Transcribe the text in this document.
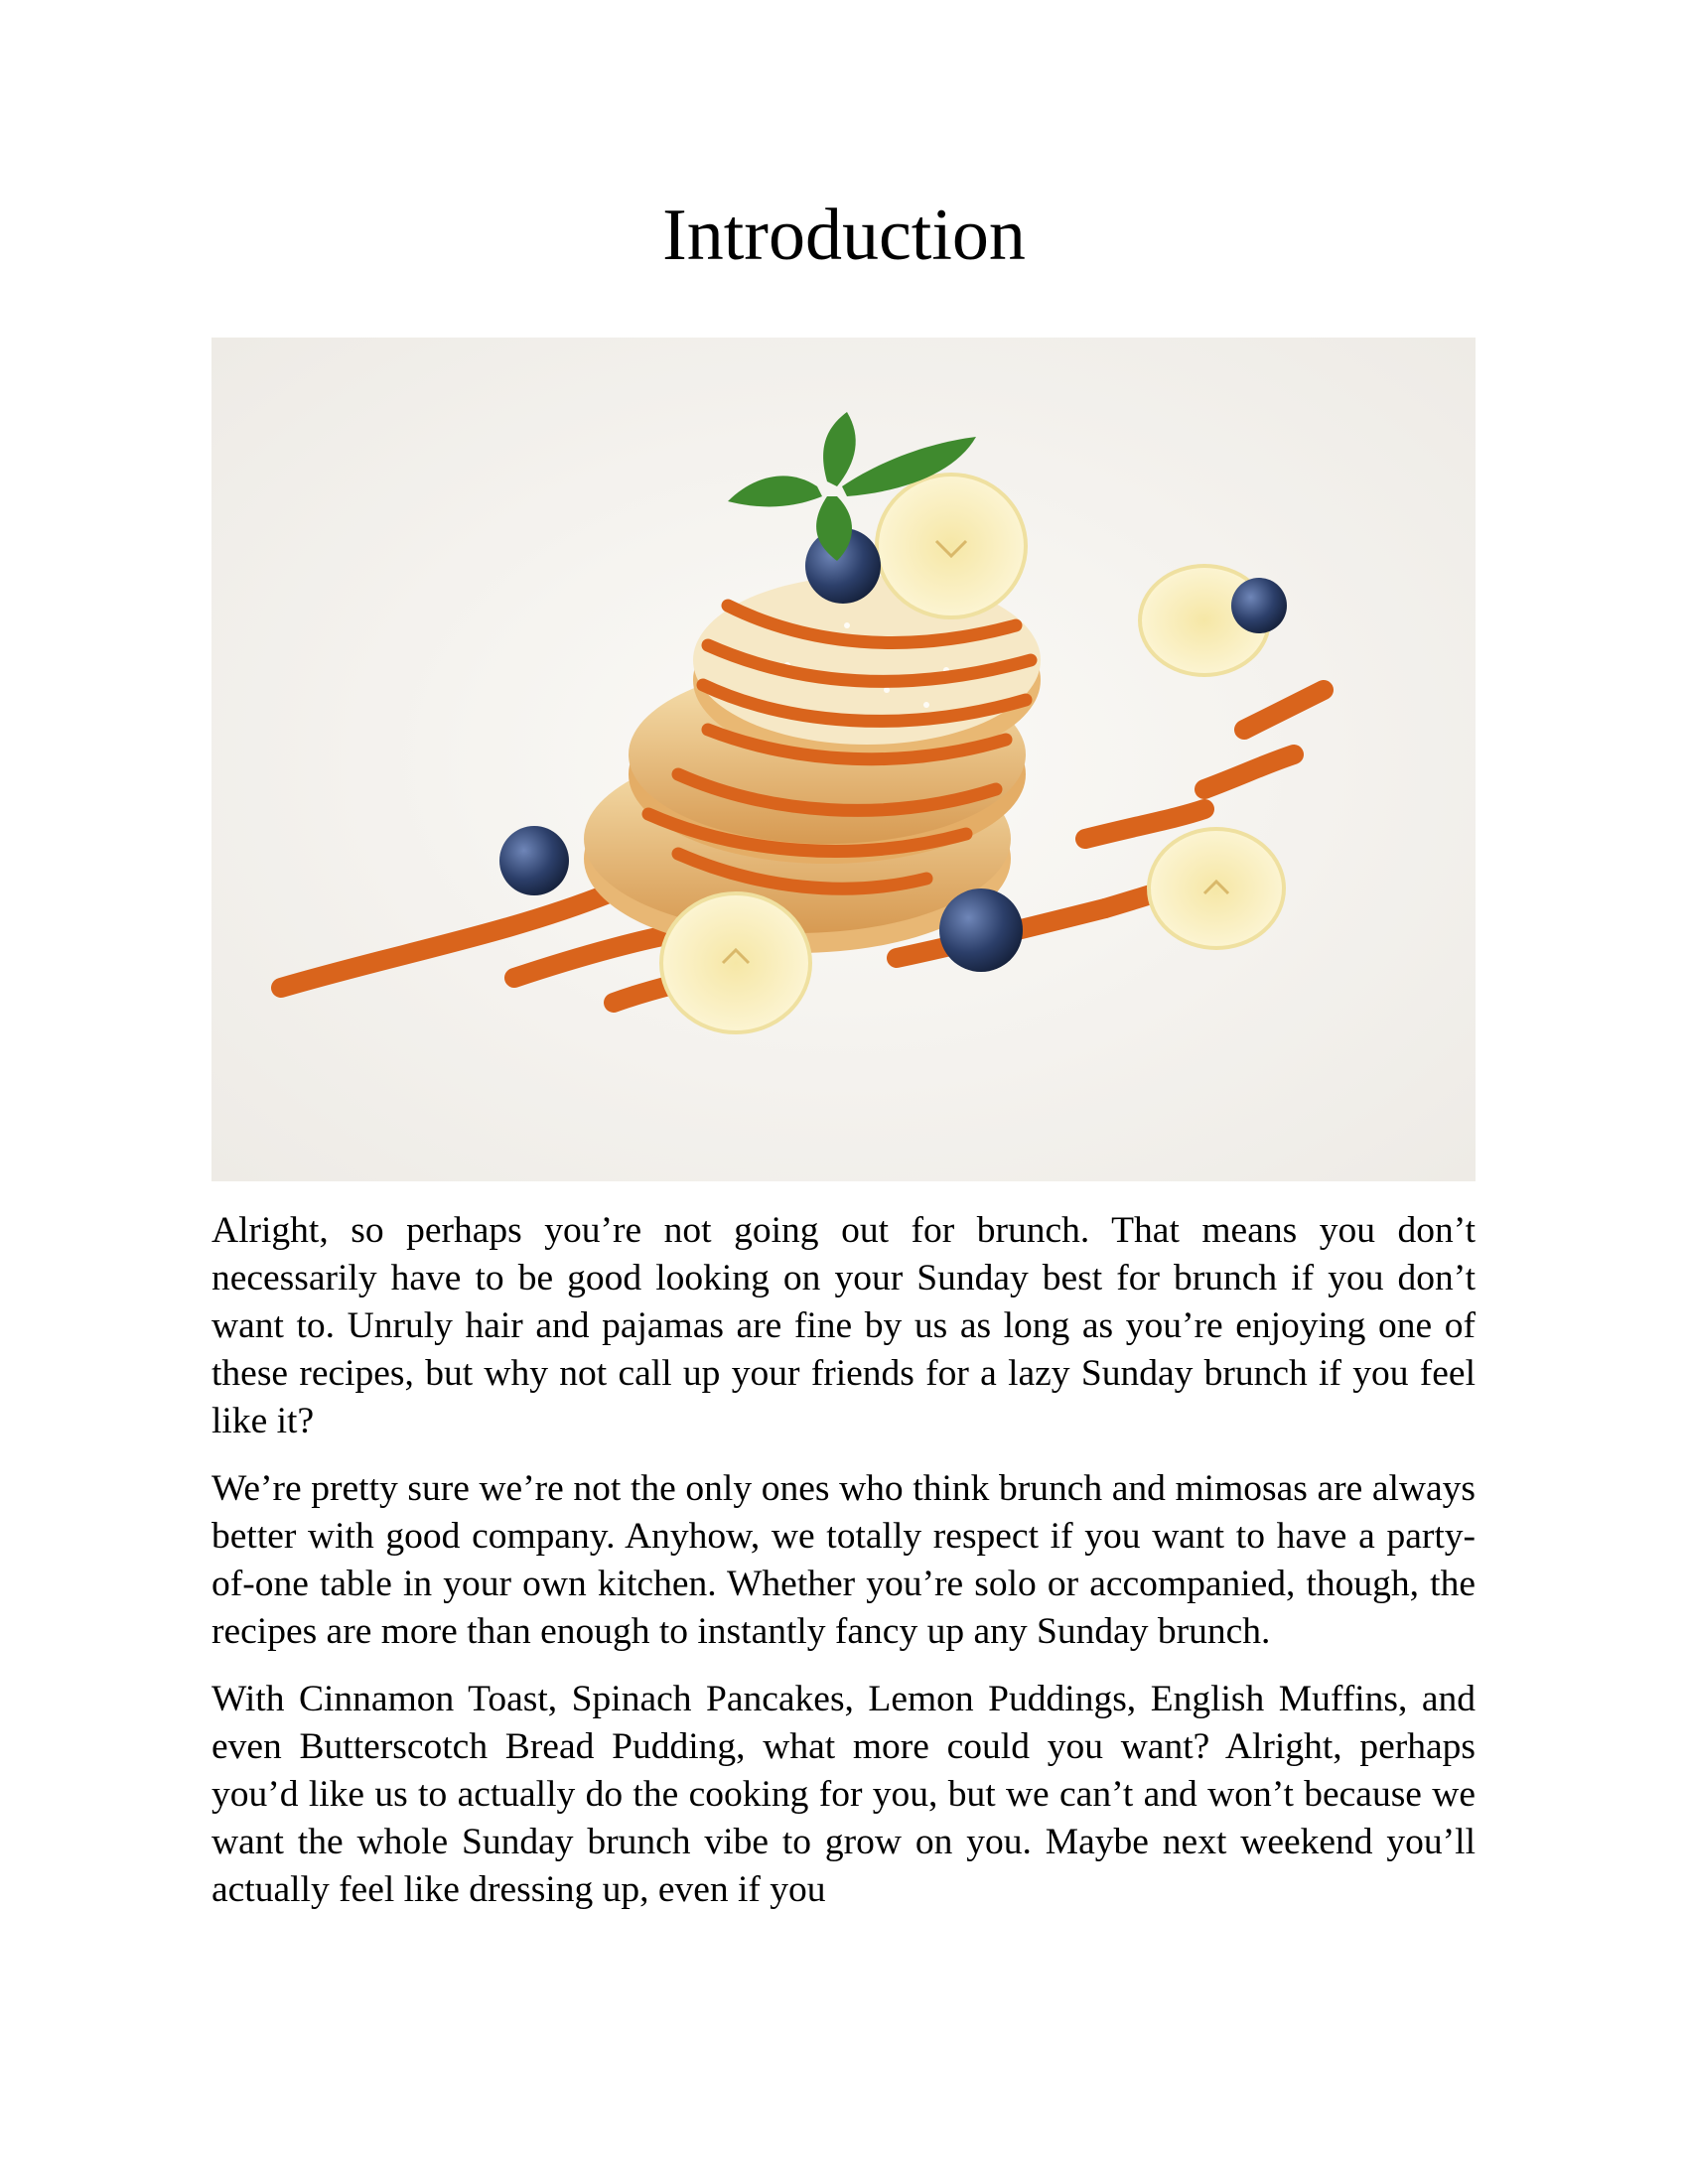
Introduction

Alright, so perhaps you’re not going out for brunch. That means you don’t necessarily have to be good looking on your Sunday best for brunch if you don’t want to. Unruly hair and pajamas are fine by us as long as you’re enjoying one of these recipes, but why not call up your friends for a lazy Sunday brunch if you feel like it?

We’re pretty sure we’re not the only ones who think brunch and mimosas are always better with good company. Anyhow, we totally respect if you want to have a party-of-one table in your own kitchen. Whether you’re solo or accompanied, though, the recipes are more than enough to instantly fancy up any Sunday brunch.

With Cinnamon Toast, Spinach Pancakes, Lemon Puddings, English Muffins, and even Butterscotch Bread Pudding, what more could you want? Alright, perhaps you’d like us to actually do the cooking for you, but we can’t and won’t because we want the whole Sunday brunch vibe to grow on you. Maybe next weekend you’ll actually feel like dressing up, even if you
